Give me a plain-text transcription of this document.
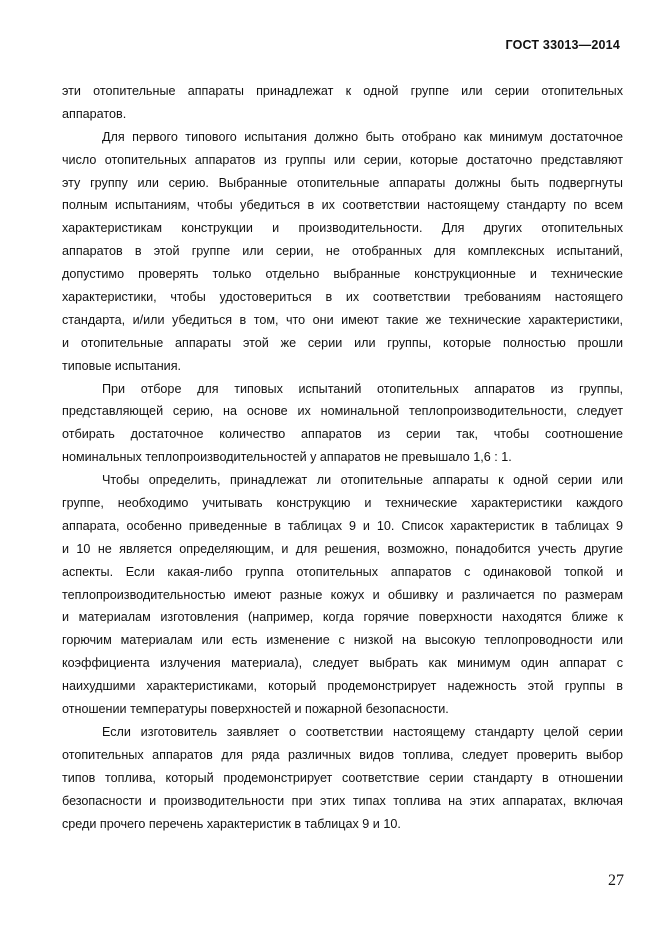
ГОСТ 33013—2014
эти отопительные аппараты принадлежат к одной группе или серии отопительных
аппаратов.
Для первого типового испытания должно быть отобрано как минимум достаточное
число отопительных аппаратов из группы или серии, которые достаточно представляют
эту группу или серию. Выбранные отопительные аппараты должны быть подвергнуты
полным испытаниям, чтобы убедиться в их соответствии настоящему стандарту по всем
характеристикам конструкции и производительности. Для других отопительных
аппаратов в этой группе или серии, не отобранных для комплексных испытаний,
допустимо проверять только отдельно выбранные конструкционные и технические
характеристики, чтобы удостовериться в их соответствии требованиям настоящего
стандарта, и/или убедиться в том, что они имеют такие же технические характеристики,
и отопительные аппараты этой же серии или группы, которые полностью прошли
типовые испытания.
При отборе для типовых испытаний отопительных аппаратов из группы,
представляющей серию, на основе их номинальной теплопроизводительности, следует
отбирать достаточное количество аппаратов из серии так, чтобы соотношение
номинальных теплопроизводительностей у аппаратов не превышало 1,6 : 1.
Чтобы определить, принадлежат ли отопительные аппараты к одной серии или
группе, необходимо учитывать конструкцию и технические характеристики каждого
аппарата, особенно приведенные в таблицах 9 и 10. Список характеристик в таблицах 9
и 10 не является определяющим, и для решения, возможно, понадобится учесть другие
аспекты. Если какая-либо группа отопительных аппаратов с одинаковой топкой и
теплопроизводительностью имеют разные кожух и обшивку и различается по размерам
и материалам изготовления (например, когда горячие поверхности находятся ближе к
горючим материалам или есть изменение с низкой на высокую теплопроводности или
коэффициента излучения материала), следует выбрать как минимум один аппарат с
наихудшими характеристиками, который продемонстрирует надежность этой группы в
отношении температуры поверхностей и пожарной безопасности.
Если изготовитель заявляет о соответствии настоящему стандарту целой серии
отопительных аппаратов для ряда различных видов топлива, следует проверить выбор
типов топлива, который продемонстрирует соответствие серии стандарту в отношении
безопасности и производительности при этих типах топлива на этих аппаратах, включая
среди прочего перечень характеристик в таблицах 9 и 10.
27
